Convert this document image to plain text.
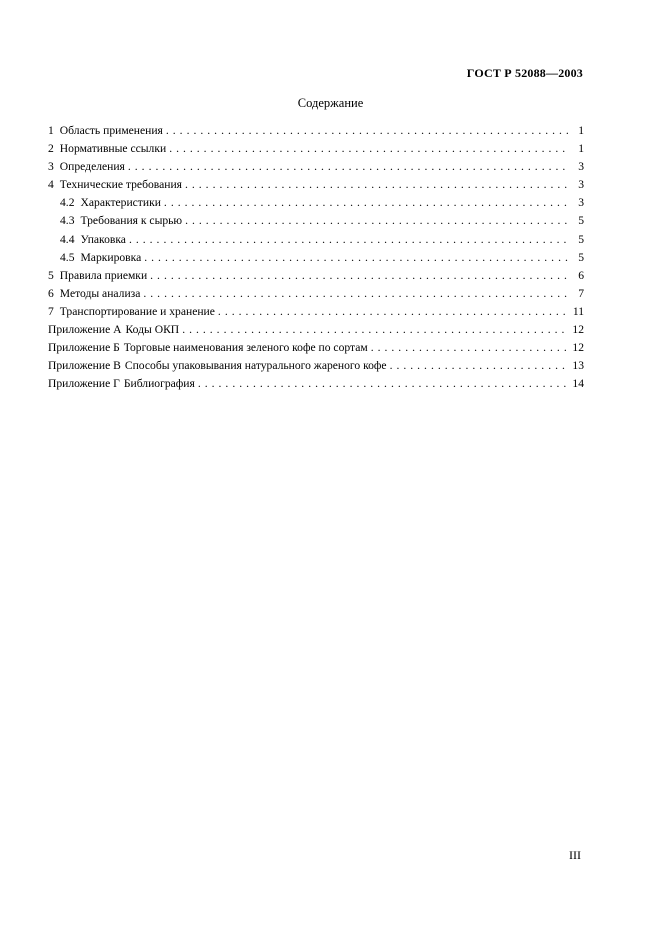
ГОСТ Р 52088—2003
Содержание
1 Область применения . . .	1
2 Нормативные ссылки . . .	1
3 Определения . . .	3
4 Технические требования . . .	3
4.2 Характеристики . . .	3
4.3 Требования к сырью . . .	5
4.4 Упаковка . . .	5
4.5 Маркировка . . .	5
5 Правила приемки . . .	6
6 Методы анализа . . .	7
7 Транспортирование и хранение . . .	11
Приложение А Коды ОКП . . .	12
Приложение Б Торговые наименования зеленого кофе по сортам . . .	12
Приложение В Способы упаковывания натурального жареного кофе . . .	13
Приложение Г Библиография . . .	14
III
